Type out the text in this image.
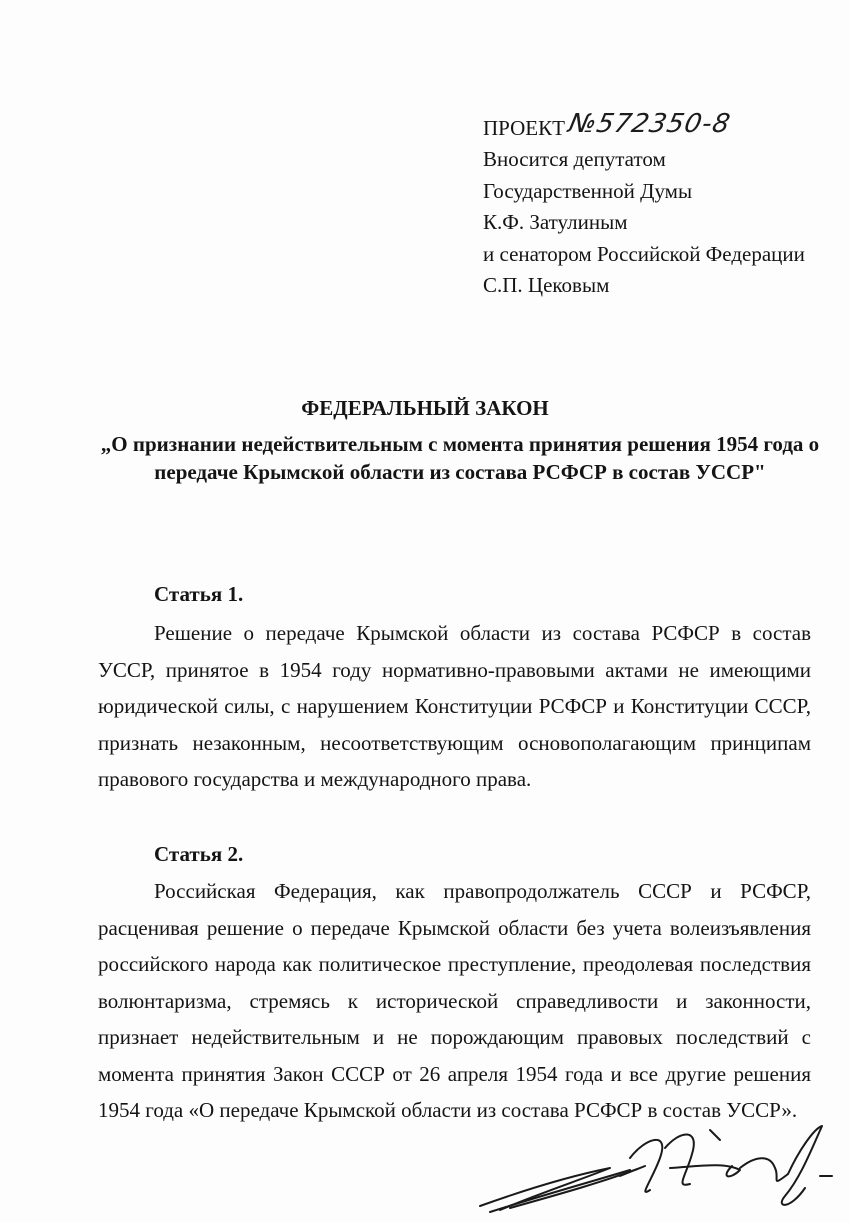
ПРОЕКТ №572350-8
Вносится депутатом
Государственной Думы
К.Ф. Затулиным
и сенатором Российской Федерации
С.П. Цековым
ФЕДЕРАЛЬНЫЙ ЗАКОН
„О признании недействительным с момента принятия решения 1954 года о передаче Крымской области из состава РСФСР в состав УССР"
Статья 1.
Решение о передаче Крымской области из состава РСФСР в состав УССР, принятое в 1954 году нормативно-правовыми актами не имеющими юридической силы, с нарушением Конституции РСФСР и Конституции СССР, признать незаконным, несоответствующим основополагающим принципам правового государства и международного права.
Статья 2.
Российская Федерация, как правопродолжатель СССР и РСФСР, расценивая решение о передаче Крымской области без учета волеизъявления российского народа как политическое преступление, преодолевая последствия волюнтаризма, стремясь к исторической справедливости и законности, признает недействительным и не порождающим правовых последствий с момента принятия Закон СССР от 26 апреля 1954 года и все другие решения 1954 года «О передаче Крымской области из состава РСФСР в состав УССР».
